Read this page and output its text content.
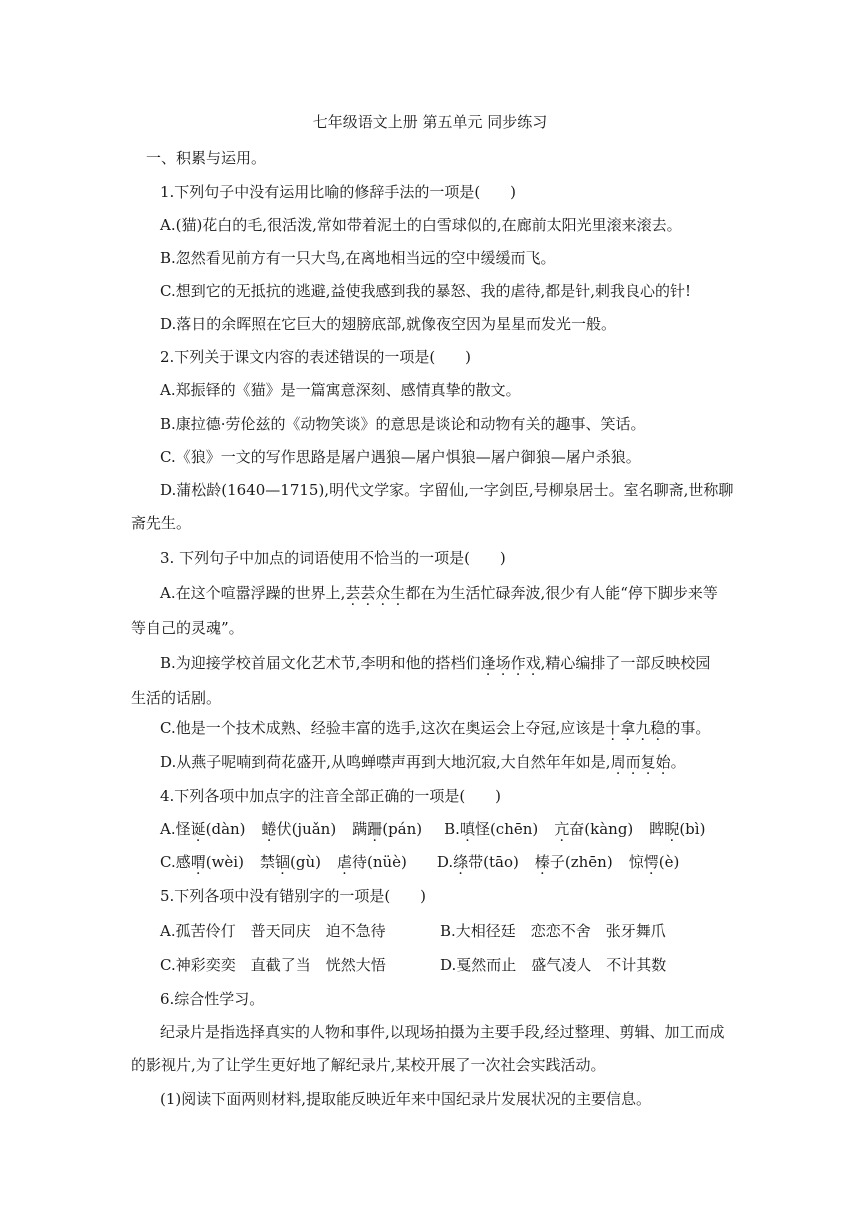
七年级语文上册 第五单元 同步练习
一、积累与运用。
1.下列句子中没有运用比喻的修辞手法的一项是(　　)
A.(猫)花白的毛,很活泼,常如带着泥土的白雪球似的,在廊前太阳光里滚来滚去。
B.忽然看见前方有一只大鸟,在离地相当远的空中缓缓而飞。
C.想到它的无抵抗的逃避,益使我感到我的暴怒、我的虐待,都是针,刺我良心的针!
D.落日的余晖照在它巨大的翅膀底部,就像夜空因为星星而发光一般。
2.下列关于课文内容的表述错误的一项是(　　)
A.郑振铎的《猫》是一篇寓意深刻、感情真挚的散文。
B.康拉德·劳伦兹的《动物笑谈》的意思是谈论和动物有关的趣事、笑话。
C.《狼》一文的写作思路是屠户遇狼—屠户惧狼—屠户御狼—屠户杀狼。
D.蒲松龄(1640—1715),明代文学家。字留仙,一字剑臣,号柳泉居士。室名聊斋,世称聊
斋先生。
3. 下列句子中加点的词语使用不恰当的一项是(　　)
A.在这个喧嚣浮躁的世界上,芸芸众生都在为生活忙碌奔波,很少有人能“停下脚步来等
等自己的灵魂”。
B.为迎接学校首届文化艺术节,李明和他的搭档们逢场作戏,精心编排了一部反映校园
生活的话剧。
C.他是一个技术成熟、经验丰富的选手,这次在奥运会上夺冠,应该是十拿九稳的事。
D.从燕子呢喃到荷花盛开,从鸣蝉噤声再到大地沉寂,大自然年年如是,周而复始。
4.下列各项中加点字的注音全部正确的一项是(　　)
A.怪诞(dàn) 蜷伏(juǎn) 蹒跚(pán) B.嗔怪(chēn) 亢奋(kàng) 睥睨(bì)
C.感喟(wèi) 禁锢(gù) 虐待(nüè) D.绦带(tāo) 榛子(zhēn) 惊愕(è)
5.下列各项中没有错别字的一项是(　　)
A.孤苦伶仃　普天同庆　迫不急待	B.大相径廷　恋恋不舍　张牙舞爪
C.神彩奕奕　直截了当　恍然大悟	D.戛然而止　盛气凌人　不计其数
6.综合性学习。
纪录片是指选择真实的人物和事件,以现场拍摄为主要手段,经过整理、剪辑、加工而成
的影视片,为了让学生更好地了解纪录片,某校开展了一次社会实践活动。
(1)阅读下面两则材料,提取能反映近年来中国纪录片发展状况的主要信息。
